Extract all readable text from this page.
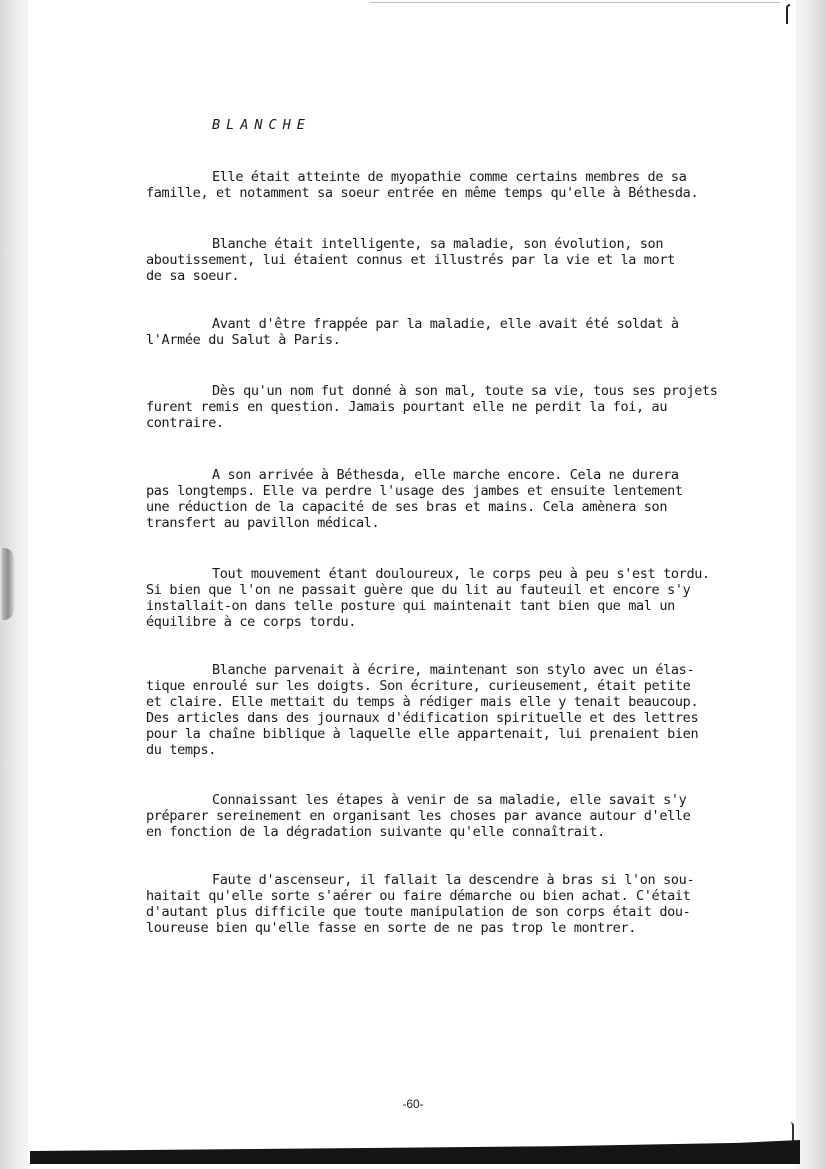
BLANCHE
Elle était atteinte de myopathie comme certains membres de sa
famille, et notamment sa soeur entrée en même temps qu'elle à Béthesda.
Blanche était intelligente, sa maladie, son évolution, son
aboutissement, lui étaient connus et illustrés par la vie et la mort
de sa soeur.
Avant d'être frappée par la maladie, elle avait été soldat à
l'Armée du Salut à Paris.
Dès qu'un nom fut donné à son mal, toute sa vie, tous ses projets
furent remis en question. Jamais pourtant elle ne perdit la foi, au
contraire.
A son arrivée à Béthesda, elle marche encore. Cela ne durera
pas longtemps. Elle va perdre l'usage des jambes et ensuite lentement
une réduction de la capacité de ses bras et mains. Cela amènera son
transfert au pavillon médical.
Tout mouvement étant douloureux, le corps peu à peu s'est tordu.
Si bien que l'on ne passait guère que du lit au fauteuil et encore s'y
installait-on dans telle posture qui maintenait tant bien que mal un
équilibre à ce corps tordu.
Blanche parvenait à écrire, maintenant son stylo avec un élas-
tique enroulé sur les doigts. Son écriture, curieusement, était petite
et claire. Elle mettait du temps à rédiger mais elle y tenait beaucoup.
Des articles dans des journaux d'édification spirituelle et des lettres
pour la chaîne biblique à laquelle elle appartenait, lui prenaient bien
du temps.
Connaissant les étapes à venir de sa maladie, elle savait s'y
préparer sereinement en organisant les choses par avance autour d'elle
en fonction de la dégradation suivante qu'elle connaîtrait.
Faute d'ascenseur, il fallait la descendre à bras si l'on sou-
haitait qu'elle sorte s'aérer ou faire démarche ou bien achat. C'était
d'autant plus difficile que toute manipulation de son corps était dou-
loureuse bien qu'elle fasse en sorte de ne pas trop le montrer.
-60-
